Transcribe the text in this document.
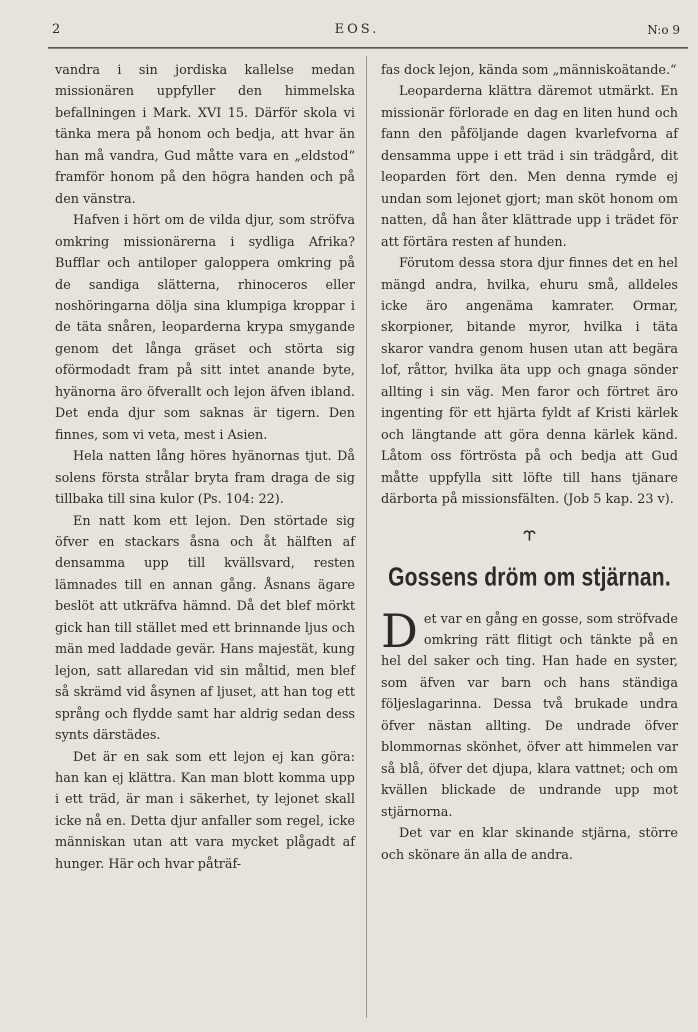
2	EOS.	N:o 9

vandra i sin jordiska kallelse medan missionären uppfyller den himmelska befallningen i Mark. XVI 15. Därför skola vi tänka mera på honom och bedja, att hvar än han må vandra, Gud måtte vara en „eldstod“ framför honom på den högra handen och på den vänstra.

Hafven i hört om de vilda djur, som ströfva omkring missionärerna i sydliga Afrika? Bufflar och antiloper galoppera omkring på de sandiga slätterna, rhinoceros eller noshöringarna dölja sina klumpiga kroppar i de täta snåren, leoparderna krypa smygande genom det långa gräset och störta sig oförmodadt fram på sitt intet anande byte, hyänorna äro öfverallt och lejon äfven ibland. Det enda djur som saknas är tigern. Den finnes, som vi veta, mest i Asien.

Hela natten lång höres hyänornas tjut. Då solens första strålar bryta fram draga de sig tillbaka till sina kulor (Ps. 104: 22).

En natt kom ett lejon. Den störtade sig öfver en stackars åsna och åt hälften af densamma upp till kvällsvard, resten lämnades till en annan gång. Åsnans ägare beslöt att utkräfva hämnd. Då det blef mörkt gick han till stället med ett brinnande ljus och män med laddade gevär. Hans majestät, kung lejon, satt allaredan vid sin måltid, men blef så skrämd vid åsynen af ljuset, att han tog ett språng och flydde samt har aldrig sedan dess synts därstädes.

Det är en sak som ett lejon ej kan göra: han kan ej klättra. Kan man blott komma upp i ett träd, är man i säkerhet, ty lejonet skall icke nå en. Detta djur anfaller som regel, icke människan utan att vara mycket plågadt af hunger. Här och hvar påträf-

fas dock lejon, kända som „människoätande.“

Leoparderna klättra däremot utmärkt. En missionär förlorade en dag en liten hund och fann den påföljande dagen kvarlefvorna af densamma uppe i ett träd i sin trädgård, dit leoparden fört den. Men denna rymde ej undan som lejonet gjort; man sköt honom om natten, då han åter klättrade upp i trädet för att förtära resten af hunden.

Förutom dessa stora djur finnes det en hel mängd andra, hvilka, ehuru små, alldeles icke äro angenäma kamrater. Ormar, skorpioner, bitande myror, hvilka i täta skaror vandra genom husen utan att begära lof, råttor, hvilka äta upp och gnaga sönder allting i sin väg. Men faror och förtret äro ingenting för ett hjärta fyldt af Kristi kärlek och längtande att göra denna kärlek känd. Låtom oss förtrösta på och bedja att Gud måtte uppfylla sitt löfte till hans tjänare därborta på missionsfälten. (Job 5 kap. 23 v).

⥾
Gossens dröm om stjärnan.

Det var en gång en gosse, som ströfvade omkring rätt flitigt och tänkte på en hel del saker och ting. Han hade en syster, som äfven var barn och hans ständiga följeslagarinna. Dessa två brukade undra öfver nästan allting. De undrade öfver blommornas skönhet, öfver att himmelen var så blå, öfver det djupa, klara vattnet; och om kvällen blickade de undrande upp mot stjärnorna.

Det var en klar skinande stjärna, större och skönare än alla de andra.
